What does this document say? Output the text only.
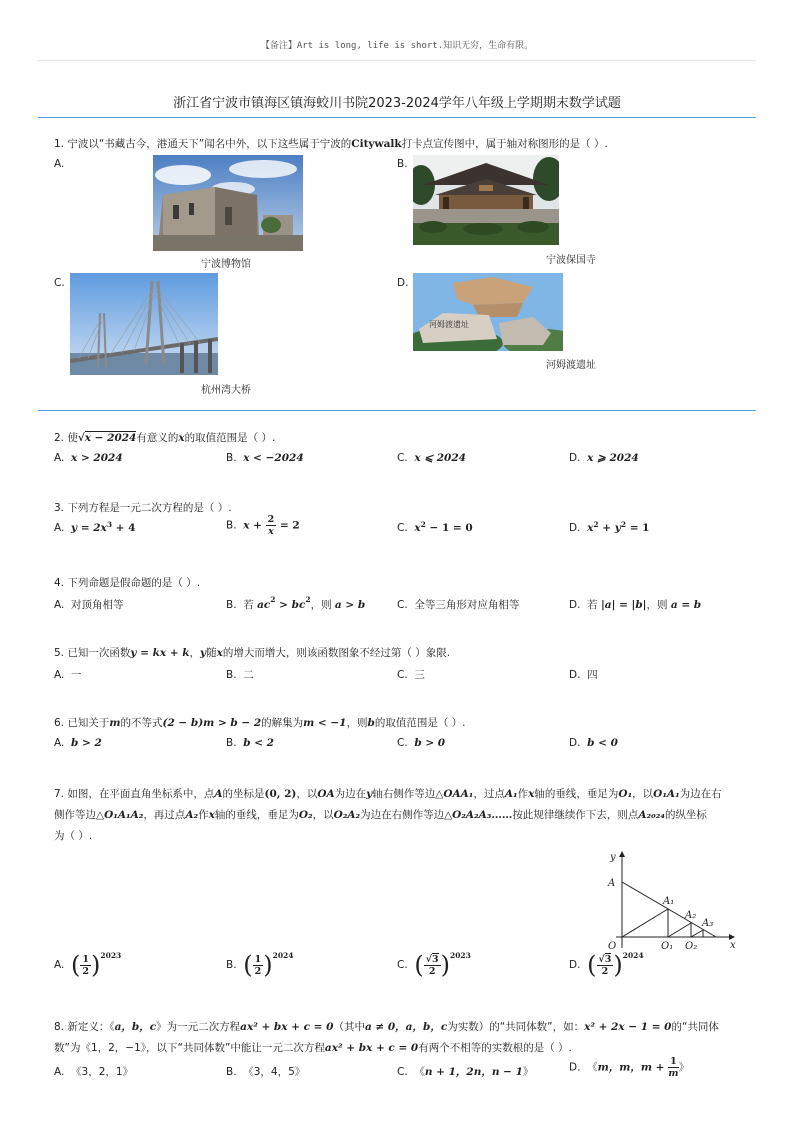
【备注】Art is long, life is short.知识无穷，生命有限。
浙江省宁波市镇海区镇海蛟川书院2023-2024学年八年级上学期期末数学试题
1. 宁波以“书藏古今，港通天下”闻名中外，以下这些属于宁波的Citywalk打卡点宣传图中，属于轴对称图形的是（ ）.
A.
宁波博物馆
B.
宁波保国寺
C.
杭州湾大桥
D.
河姆渡遗址
河姆渡遗址
2. 使√x − 2024有意义的x的取值范围是（ ）.
A. x > 2024	B. x < −2024	C. x ⩽ 2024	D. x ⩾ 2024
3. 下列方程是一元二次方程的是（ ）.
A. $y = 2x^3 + 4$	B. $x + \frac{2}{x} = 2$	C. $x^2 - 1 = 0$	D. $x^2 + y^2 = 1$
4. 下列命题是假命题的是（ ）.
A. 对顶角相等	B. 若 $ac^2 > bc^2$，则 a > b	C. 全等三角形对应角相等	D. 若 |a| = |b|，则 a = b
5. 已知一次函数y = kx + k，y随x的增大而增大，则该函数图象不经过第（ ）象限.
A. 一	B. 二	C. 三	D. 四
6. 已知关于m的不等式(2 − b)m > b − 2的解集为m < −1，则b的取值范围是（ ）.
A. b > 2	B. b < 2	C. b > 0	D. b < 0
7. 如图，在平面直角坐标系中，点A的坐标是(0, 2)，以OA为边在y轴右侧作等边△OAA₁，过点A₁作x轴的垂线，垂足为O₁，以O₁A₁为边在右
侧作等边△O₁A₁A₂，再过点A₂作x轴的垂线，垂足为O₂，以O₂A₂为边在右侧作等边△O₂A₂A₃……按此规律继续作下去，则点A₂₀₂₄的纵坐标
为（ ）.
y
x
A
O
A₁
A₂
A₃
O₁ O₂
A. ( $\frac{1}{2} )^{2023}$
B. ( $\frac{1}{2} )^{2024}$
C. ( $\frac{√3}{2} )^{2023}$
D. ( $\frac{√3}{2} )^{2024}$
8. 新定义：《a，b，c》为一元二次方程ax² + bx + c = 0（其中a ≠ 0，a，b，c为实数）的“共同体数”，如：x² + 2x − 1 = 0的“共同体
数”为《1，2，−1》，以下“共同体数”中能让一元二次方程ax² + bx + c = 0有两个不相等的实数根的是（ ）.
A. 《3，2，1》	B. 《3，4，5》	C. 《n + 1，2n，n − 1》	D. 《m，m，$m + \frac{1}{m}$ 》
